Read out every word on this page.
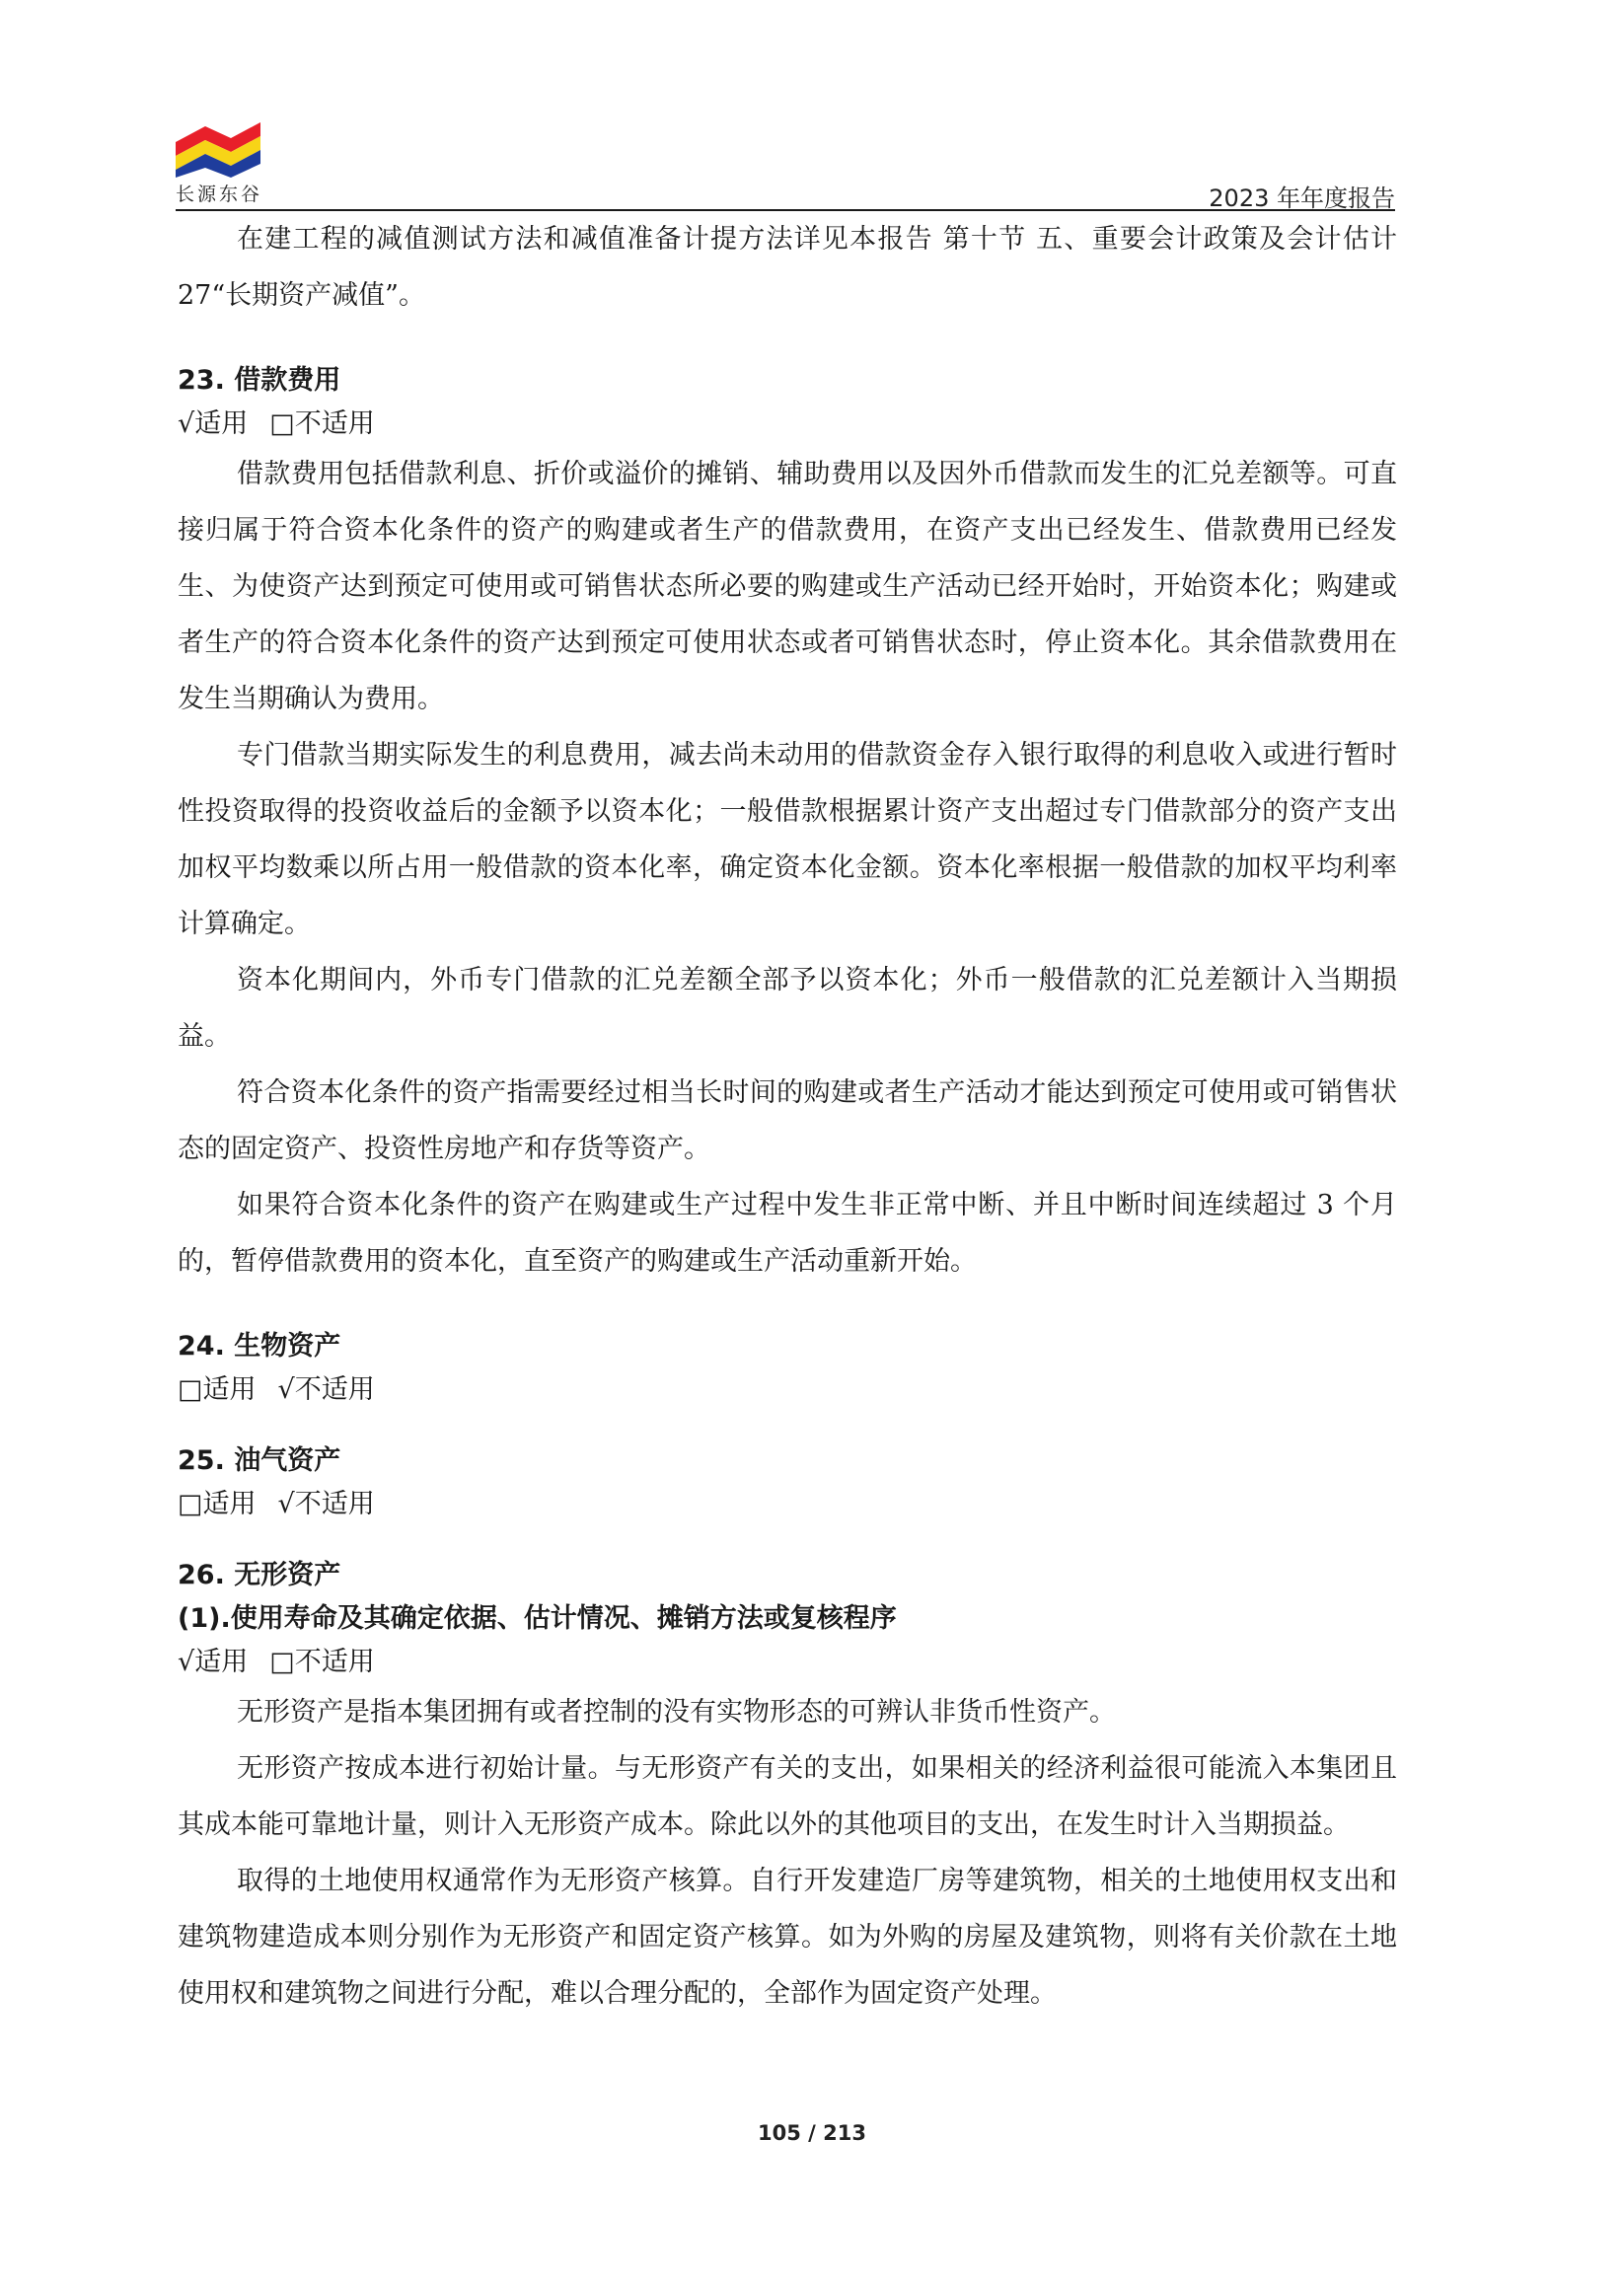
长源东谷	2023 年年度报告

在建工程的减值测试方法和减值准备计提方法详见本报告 第十节 五、重要会计政策及会计估计 27“长期资产减值”。

23. 借款费用
√适用 □不适用

借款费用包括借款利息、折价或溢价的摊销、辅助费用以及因外币借款而发生的汇兑差额等。可直接归属于符合资本化条件的资产的购建或者生产的借款费用，在资产支出已经发生、借款费用已经发生、为使资产达到预定可使用或可销售状态所必要的购建或生产活动已经开始时，开始资本化；购建或者生产的符合资本化条件的资产达到预定可使用状态或者可销售状态时，停止资本化。其余借款费用在发生当期确认为费用。

专门借款当期实际发生的利息费用，减去尚未动用的借款资金存入银行取得的利息收入或进行暂时性投资取得的投资收益后的金额予以资本化；一般借款根据累计资产支出超过专门借款部分的资产支出加权平均数乘以所占用一般借款的资本化率，确定资本化金额。资本化率根据一般借款的加权平均利率计算确定。

资本化期间内，外币专门借款的汇兑差额全部予以资本化；外币一般借款的汇兑差额计入当期损益。

符合资本化条件的资产指需要经过相当长时间的购建或者生产活动才能达到预定可使用或可销售状态的固定资产、投资性房地产和存货等资产。

如果符合资本化条件的资产在购建或生产过程中发生非正常中断、并且中断时间连续超过 3 个月的，暂停借款费用的资本化，直至资产的购建或生产活动重新开始。

24. 生物资产
□适用 √不适用
25. 油气资产
□适用 √不适用
26. 无形资产
(1).使用寿命及其确定依据、估计情况、摊销方法或复核程序
√适用 □不适用

无形资产是指本集团拥有或者控制的没有实物形态的可辨认非货币性资产。

无形资产按成本进行初始计量。与无形资产有关的支出，如果相关的经济利益很可能流入本集团且其成本能可靠地计量，则计入无形资产成本。除此以外的其他项目的支出，在发生时计入当期损益。

取得的土地使用权通常作为无形资产核算。自行开发建造厂房等建筑物，相关的土地使用权支出和建筑物建造成本则分别作为无形资产和固定资产核算。如为外购的房屋及建筑物，则将有关价款在土地使用权和建筑物之间进行分配，难以合理分配的，全部作为固定资产处理。

105 / 213
